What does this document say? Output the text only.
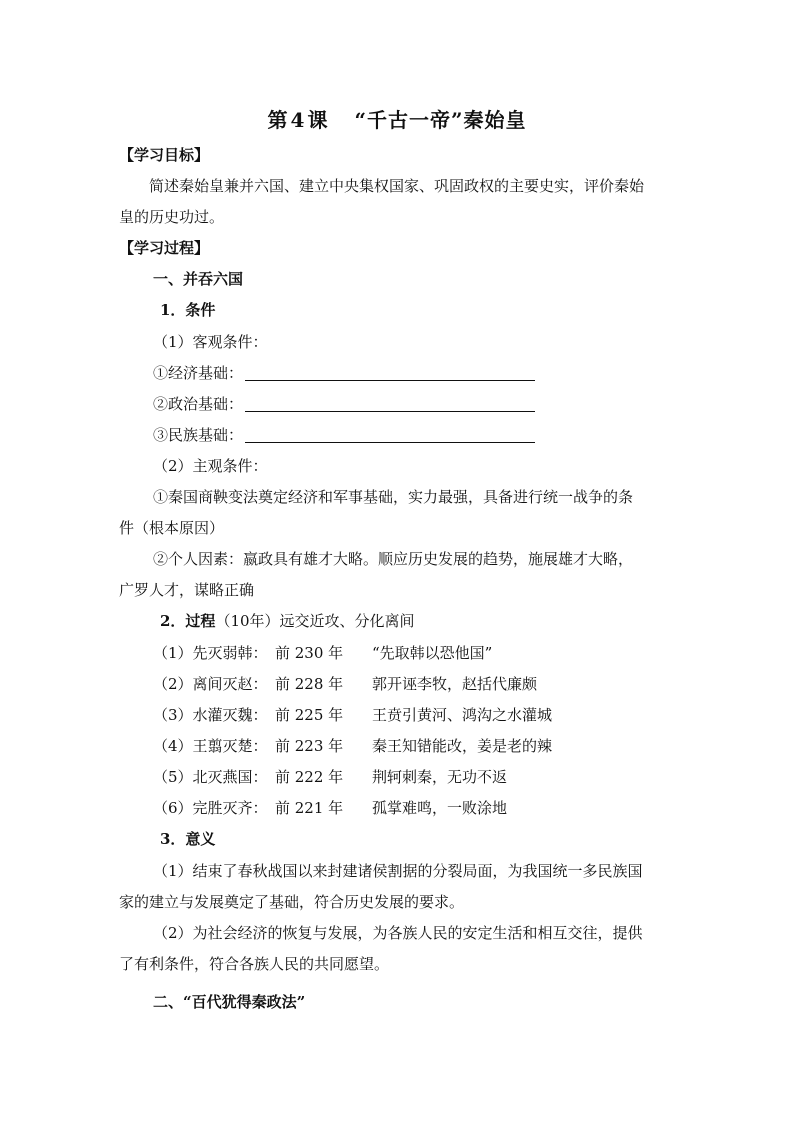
第 4 课 “千古一帝”秦始皇
【学习目标】
简述秦始皇兼并六国、建立中央集权国家、巩固政权的主要史实，评价秦始
皇的历史功过。
【学习过程】
一、并吞六国
1．条件
（1）客观条件：
①经济基础：
②政治基础：
③民族基础：
（2）主观条件：
①秦国商鞅变法奠定经济和军事基础，实力最强，具备进行统一战争的条
件（根本原因）
②个人因素：嬴政具有雄才大略。顺应历史发展的趋势，施展雄才大略，
广罗人才，谋略正确
2．过程（10年）远交近攻、分化离间
（1）先灭弱韩： 前 230 年 “先取韩以恐他国”
（2）离间灭赵： 前 228 年 郭开诬李牧，赵括代廉颇
（3）水灌灭魏： 前 225 年 王贲引黄河、鸿沟之水灌城
（4）王翦灭楚： 前 223 年 秦王知错能改，姜是老的辣
（5）北灭燕国： 前 222 年 荆轲刺秦，无功不返
（6）完胜灭齐： 前 221 年 孤掌难鸣，一败涂地
3．意义
（1）结束了春秋战国以来封建诸侯割据的分裂局面，为我国统一多民族国
家的建立与发展奠定了基础，符合历史发展的要求。
（2）为社会经济的恢复与发展，为各族人民的安定生活和相互交往，提供
了有利条件，符合各族人民的共同愿望。
二、“百代犹得秦政法”
